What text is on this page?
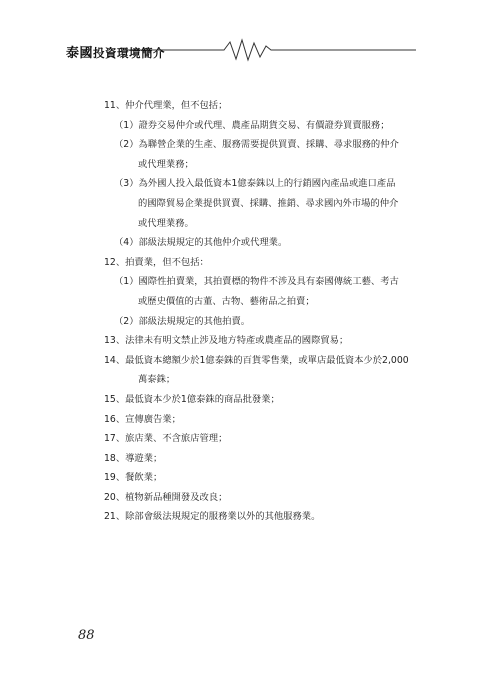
泰國投資環境簡介
11、仲介代理業，但不包括；
（1）證券交易仲介或代理、農產品期貨交易、有價證券買賣服務；
（2）為聯營企業的生產、服務需要提供買賣、採購、尋求服務的仲介
或代理業務；
（3）為外國人投入最低資本1億泰銖以上的行銷國內產品或進口產品
的國際貿易企業提供買賣、採購、推銷、尋求國內外市場的仲介
或代理業務。
（4）部級法規規定的其他仲介或代理業。
12、拍賣業，但不包括：
（1）國際性拍賣業，其拍賣標的物件不涉及具有泰國傳統工藝、考古
或歷史價值的古董、古物、藝術品之拍賣；
（2）部級法規規定的其他拍賣。
13、法律未有明文禁止涉及地方特產或農產品的國際貿易；
14、最低資本總額少於1億泰銖的百貨零售業，或單店最低資本少於2,000
萬泰銖；
15、最低資本少於1億泰銖的商品批發業；
16、宣傳廣告業；
17、旅店業、不含旅店管理；
18、導遊業；
19、餐飲業；
20、植物新品種開發及改良；
21、除部會級法規規定的服務業以外的其他服務業。
88
